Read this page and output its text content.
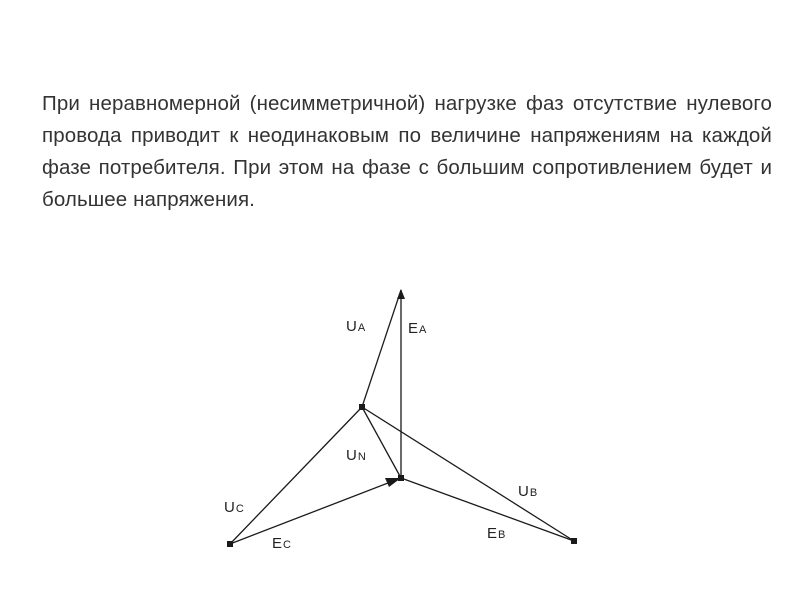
При неравномерной (несимметричной) нагрузке фаз отсутствие нулевого провода приводит к неодинаковым по величине напряжениям на каждой фазе потребителя. При этом на фазе с большим сопротивлением будет и большее напряжения.

UA	EA
UN
UB
EB
UC
EC
